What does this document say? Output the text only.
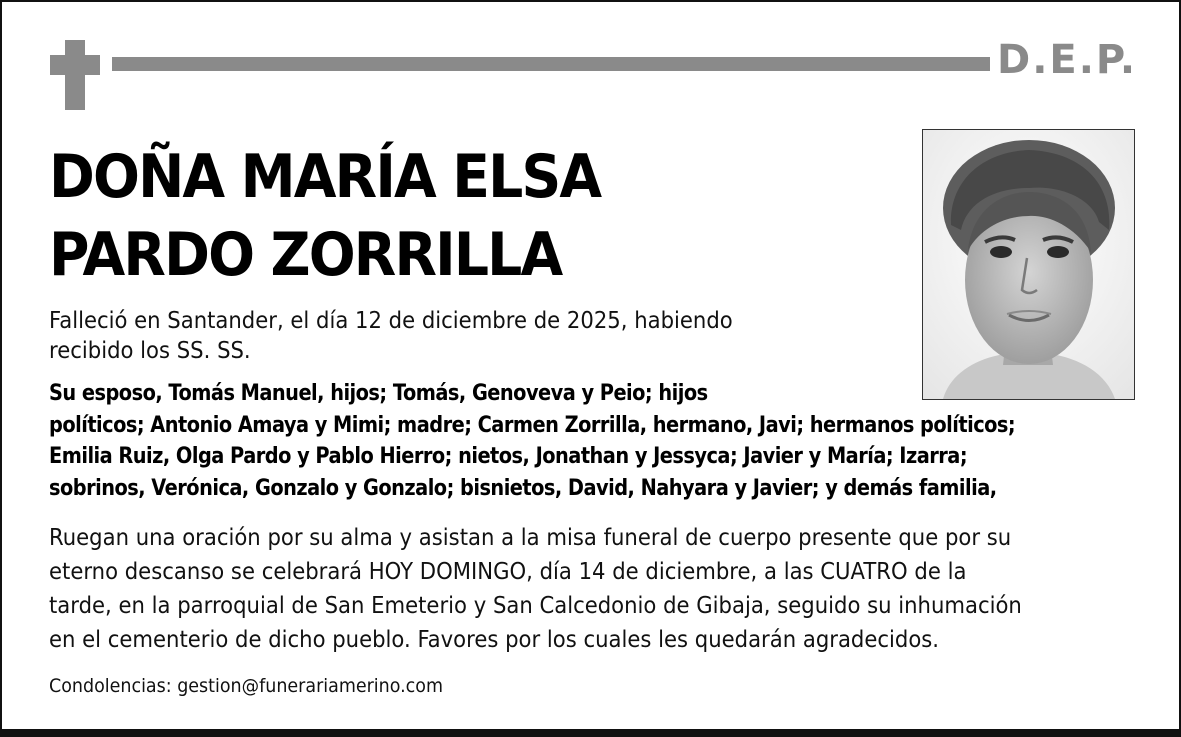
D.E.P.
DOÑA MARÍA ELSA
PARDO ZORRILLA

Falleció en Santander, el día 12 de diciembre de 2025, habiendo
recibido los SS. SS.

Su esposo, Tomás Manuel, hijos; Tomás, Genoveva y Peio; hijos
políticos; Antonio Amaya y Mimi; madre; Carmen Zorrilla, hermano, Javi; hermanos políticos;
Emilia Ruiz, Olga Pardo y Pablo Hierro; nietos, Jonathan y Jessyca; Javier y María; Izarra;
sobrinos, Verónica, Gonzalo y Gonzalo; bisnietos, David, Nahyara y Javier; y demás familia,

Ruegan una oración por su alma y asistan a la misa funeral de cuerpo presente que por su
eterno descanso se celebrará HOY DOMINGO, día 14 de diciembre, a las CUATRO de la
tarde, en la parroquial de San Emeterio y San Calcedonio de Gibaja, seguido su inhumación
en el cementerio de dicho pueblo. Favores por los cuales les quedarán agradecidos.

Condolencias: gestion@funerariamerino.com
